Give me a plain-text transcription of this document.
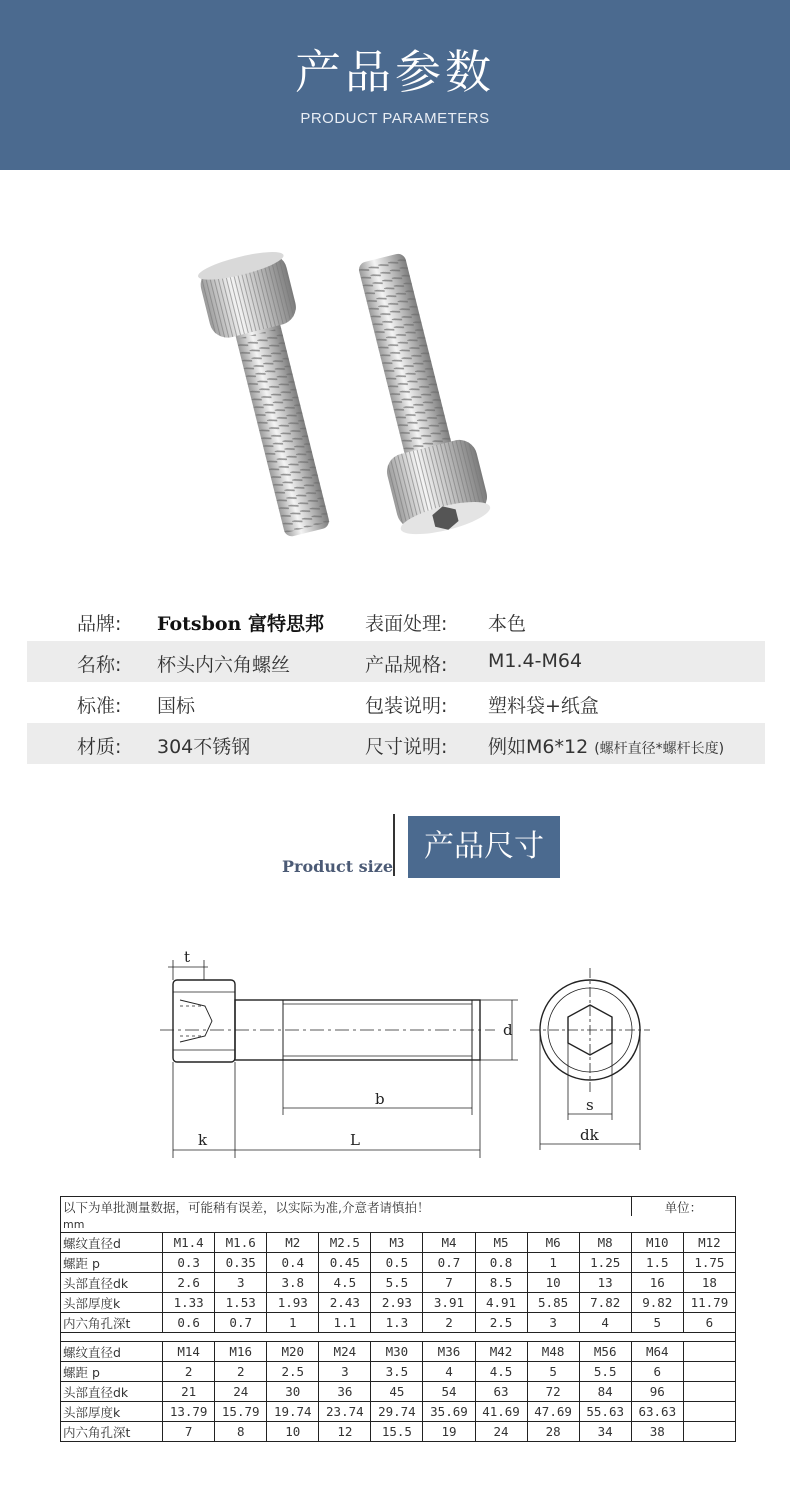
产品参数
PRODUCT PARAMETERS
品牌: Fotsbon 富特思邦 表面处理: 本色
名称: 杯头内六角螺丝	产品规格: M1.4-M64
标准: 国标	包装说明: 塑料袋+纸盒
材质: 304不锈钢	尺寸说明: 例如M6*12 (螺杆直径*螺杆长度)
Product size
产品尺寸
t
d
b
k	L
s
dk
以下为单批测量数据，可能稍有误差，以实际为准,介意者请慎拍！										单位：	
mm											
螺纹直径d	M1.4	M1.6	M2	M2.5	M3	M4	M5	M6	M8	M10	M12
螺距 p	0.3	0.35	0.4	0.45	0.5	0.7	0.8	1	1.25	1.5	1.75
头部直径dk	2.6	3	3.8	4.5	5.5	7	8.5	10	13	16	18
头部厚度k	1.33	1.53	1.93	2.43	2.93	3.91	4.91	5.85	7.82	9.82	11.79
内六角孔深t	0.6	0.7	1	1.1	1.3	2	2.5	3	4	5	6

螺纹直径d	M14	M16	M20	M24	M30	M36	M42	M48	M56	M64	
螺距 p	2	2	2.5	3	3.5	4	4.5	5	5.5	6	
头部直径dk	21	24	30	36	45	54	63	72	84	96	
头部厚度k	13.79	15.79	19.74	23.74	29.74	35.69	41.69	47.69	55.63	63.63	
内六角孔深t	7	8	10	12	15.5	19	24	28	34	38	
